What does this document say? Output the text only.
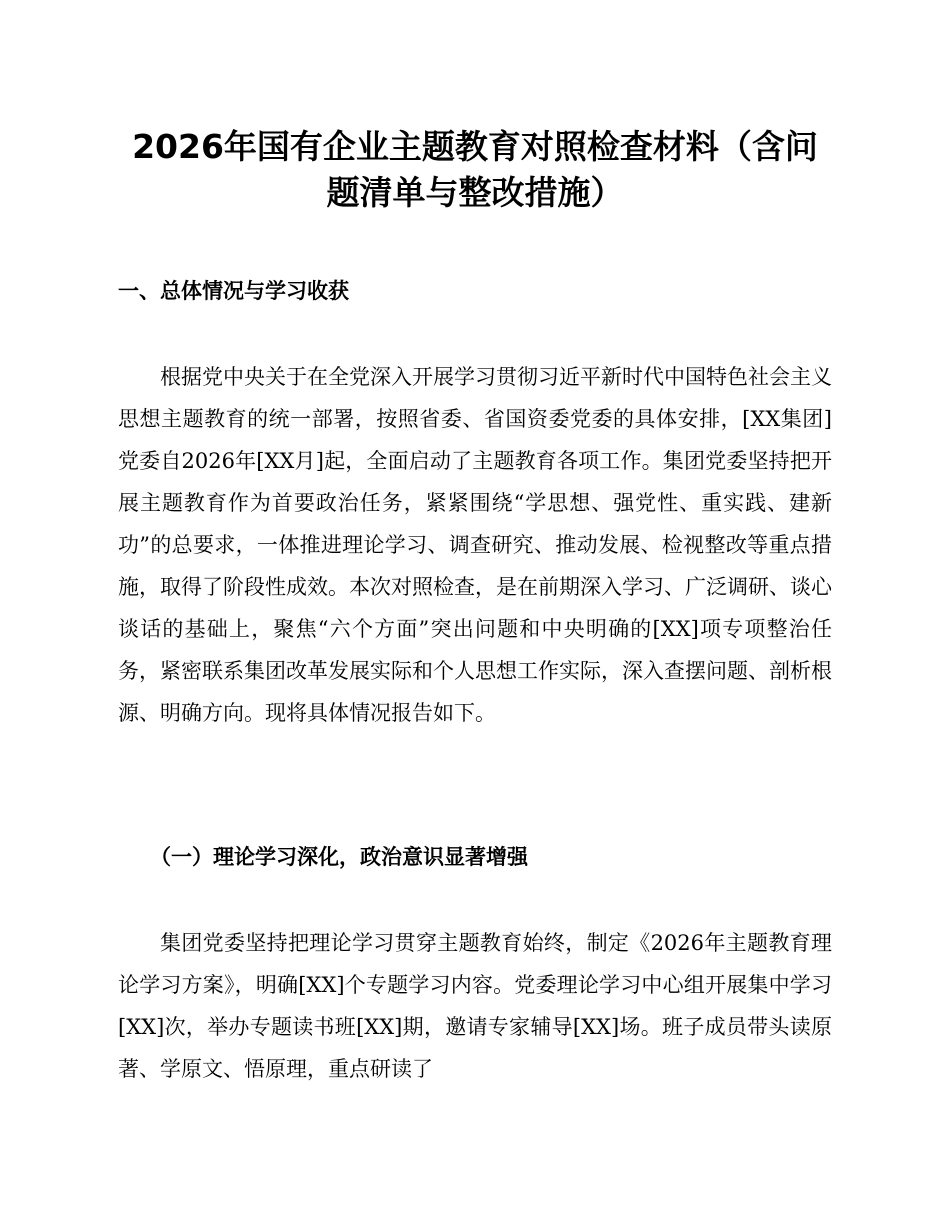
2026年国有企业主题教育对照检查材料（含问题清单与整改措施）
一、总体情况与学习收获

根据党中央关于在全党深入开展学习贯彻习近平新时代中国特色社会主义思想主题教育的统一部署，按照省委、省国资委党委的具体安排，[XX集团]党委自2026年[XX月]起，全面启动了主题教育各项工作。集团党委坚持把开展主题教育作为首要政治任务，紧紧围绕“学思想、强党性、重实践、建新功”的总要求，一体推进理论学习、调查研究、推动发展、检视整改等重点措施，取得了阶段性成效。本次对照检查，是在前期深入学习、广泛调研、谈心谈话的基础上，聚焦“六个方面”突出问题和中央明确的[XX]项专项整治任务，紧密联系集团改革发展实际和个人思想工作实际，深入查摆问题、剖析根源、明确方向。现将具体情况报告如下。

（一）理论学习深化，政治意识显著增强

集团党委坚持把理论学习贯穿主题教育始终，制定《2026年主题教育理论学习方案》，明确[XX]个专题学习内容。党委理论学习中心组开展集中学习[XX]次，举办专题读书班[XX]期，邀请专家辅导[XX]场。班子成员带头读原著、学原文、悟原理，重点研读了
